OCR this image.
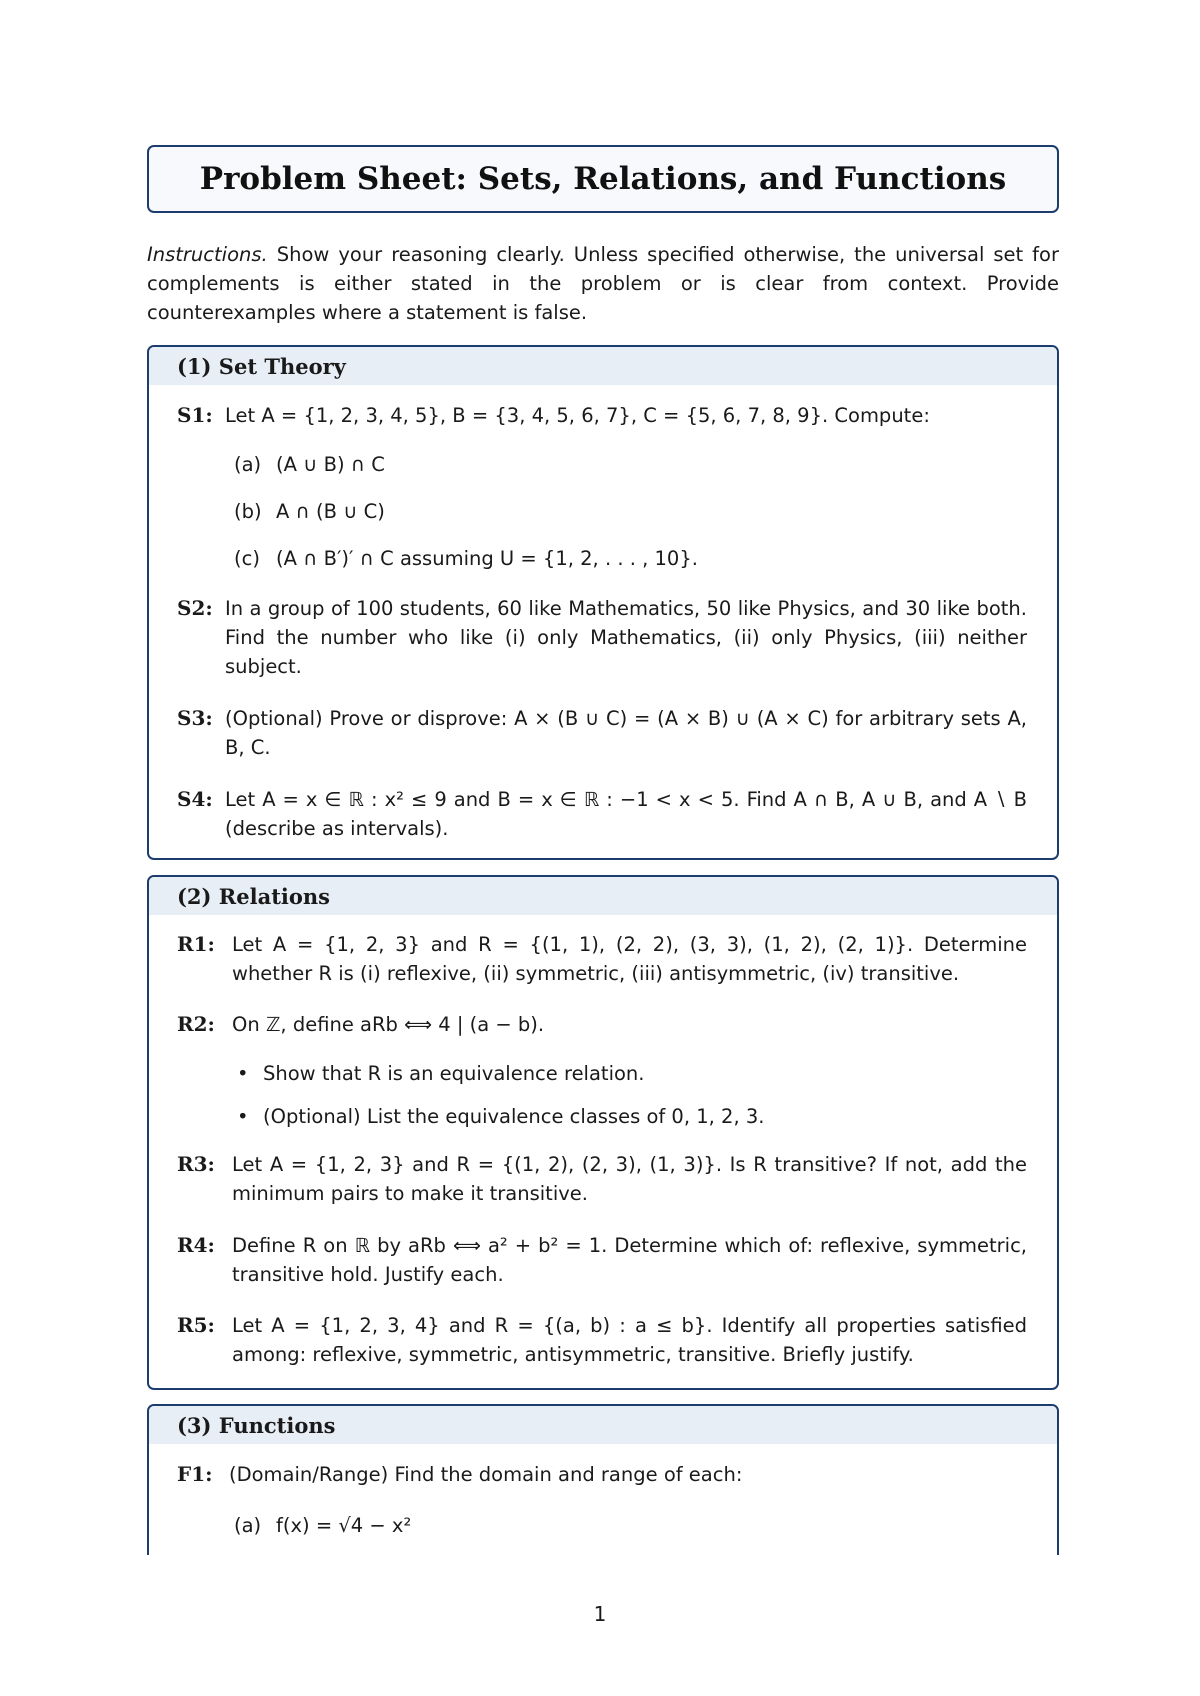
Problem Sheet: Sets, Relations, and Functions
Instructions. Show your reasoning clearly. Unless specified otherwise, the universal set for complements is either stated in the problem or is clear from context. Provide counterexamples where a statement is false.
(1) Set Theory
S1: Let A = {1, 2, 3, 4, 5}, B = {3, 4, 5, 6, 7}, C = {5, 6, 7, 8, 9}. Compute:
(a) (A ∪ B) ∩ C
(b) A ∩ (B ∪ C)
(c) (A ∩ B′)′ ∩ C assuming U = {1, 2, . . . , 10}.
S2: In a group of 100 students, 60 like Mathematics, 50 like Physics, and 30 like both. Find the number who like (i) only Mathematics, (ii) only Physics, (iii) neither subject.
S3: (Optional) Prove or disprove: A × (B ∪ C) = (A × B) ∪ (A × C) for arbitrary sets A, B, C.
S4: Let A = x ∈ ℝ : x² ≤ 9 and B = x ∈ ℝ : −1 < x < 5. Find A ∩ B, A ∪ B, and A ∖ B (describe as intervals).
(2) Relations
R1: Let A = {1, 2, 3} and R = {(1, 1), (2, 2), (3, 3), (1, 2), (2, 1)}. Determine whether R is (i) reflexive, (ii) symmetric, (iii) antisymmetric, (iv) transitive.
R2: On ℤ, define aRb ⟺ 4 | (a − b).
• Show that R is an equivalence relation.
• (Optional) List the equivalence classes of 0, 1, 2, 3.
R3: Let A = {1, 2, 3} and R = {(1, 2), (2, 3), (1, 3)}. Is R transitive? If not, add the minimum pairs to make it transitive.
R4: Define R on ℝ by aRb ⟺ a² + b² = 1. Determine which of: reflexive, symmetric, transitive hold. Justify each.
R5: Let A = {1, 2, 3, 4} and R = {(a, b) : a ≤ b}. Identify all properties satisfied among: reflexive, symmetric, antisymmetric, transitive. Briefly justify.
(3) Functions
F1: (Domain/Range) Find the domain and range of each:
(a) f(x) = √4 − x²
1
